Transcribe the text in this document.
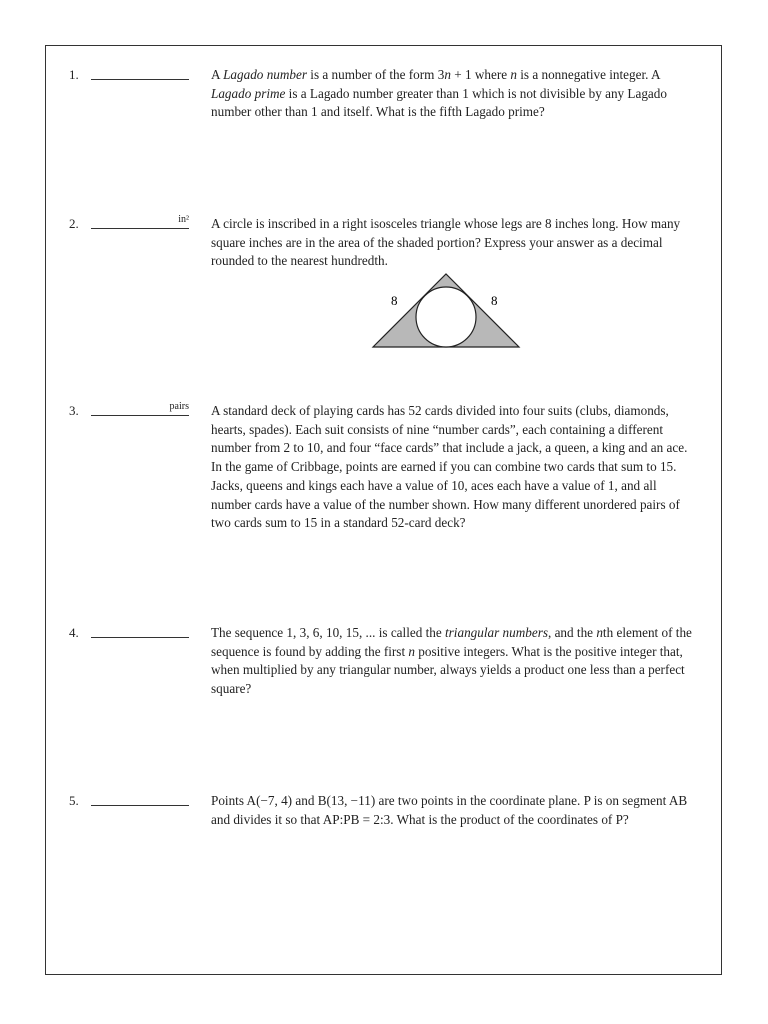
1.	A Lagado number is a number of the form 3n + 1 where n is a nonnegative integer. A Lagado prime is a Lagado number greater than 1 which is not divisible by any Lagado number other than 1 and itself. What is the fifth Lagado prime?

2.	in² A circle is inscribed in a right isosceles triangle whose legs are 8 inches long. How many square inches are in the area of the shaded portion? Express your answer as a decimal rounded to the nearest hundredth.

8	8
3.	pairs A standard deck of playing cards has 52 cards divided into four suits (clubs, diamonds, hearts, spades). Each suit consists of nine “number cards”, each containing a different number from 2 to 10, and four “face cards” that include a jack, a queen, a king and an ace. In the game of Cribbage, points are earned if you can combine two cards that sum to 15. Jacks, queens and kings each have a value of 10, aces each have a value of 1, and all number cards have a value of the number shown. How many different unordered pairs of two cards sum to 15 in a standard 52-card deck?

4.	The sequence 1, 3, 6, 10, 15, ... is called the triangular numbers, and the nth element of the sequence is found by adding the first n positive integers. What is the positive integer that, when multiplied by any triangular number, always yields a product one less than a perfect square?

5.	Points A(−7, 4) and B(13, −11) are two points in the coordinate plane. P is on segment AB and divides it so that AP:PB = 2:3. What is the product of the coordinates of P?
